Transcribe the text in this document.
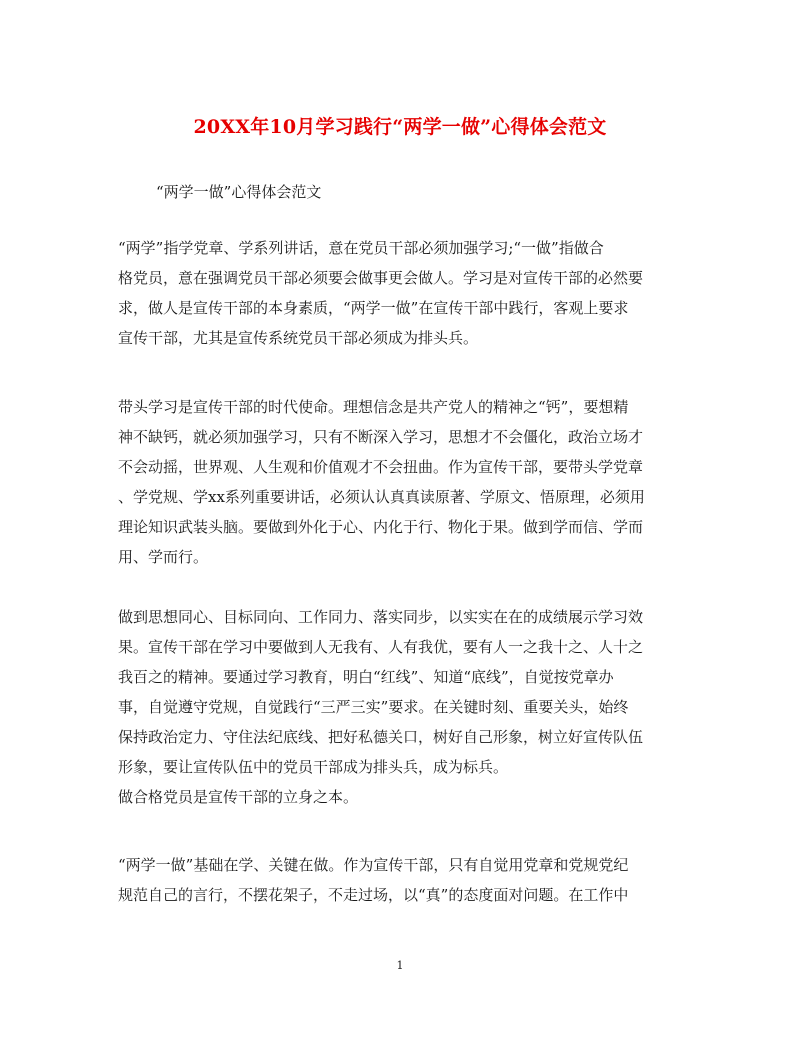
20XX年10月学习践行“两学一做”心得体会范文

“两学一做”心得体会范文

“两学”指学党章、学系列讲话，意在党员干部必须加强学习;“一做”指做合
格党员，意在强调党员干部必须要会做事更会做人。学习是对宣传干部的必然要
求，做人是宣传干部的本身素质，“两学一做”在宣传干部中践行，客观上要求
宣传干部，尤其是宣传系统党员干部必须成为排头兵。

带头学习是宣传干部的时代使命。理想信念是共产党人的精神之“钙”，要想精
神不缺钙，就必须加强学习，只有不断深入学习，思想才不会僵化，政治立场才
不会动摇，世界观、人生观和价值观才不会扭曲。作为宣传干部，要带头学党章
、学党规、学xx系列重要讲话，必须认认真真读原著、学原文、悟原理，必须用
理论知识武装头脑。要做到外化于心、内化于行、物化于果。做到学而信、学而
用、学而行。

做到思想同心、目标同向、工作同力、落实同步，以实实在在的成绩展示学习效
果。宣传干部在学习中要做到人无我有、人有我优，要有人一之我十之、人十之
我百之的精神。要通过学习教育，明白“红线”、知道“底线”，自觉按党章办
事，自觉遵守党规，自觉践行“三严三实”要求。在关键时刻、重要关头，始终
保持政治定力、守住法纪底线、把好私德关口，树好自己形象，树立好宣传队伍
形象，要让宣传队伍中的党员干部成为排头兵，成为标兵。
做合格党员是宣传干部的立身之本。

“两学一做”基础在学、关键在做。作为宣传干部，只有自觉用党章和党规党纪
规范自己的言行，不摆花架子，不走过场，以“真”的态度面对问题。在工作中

1
